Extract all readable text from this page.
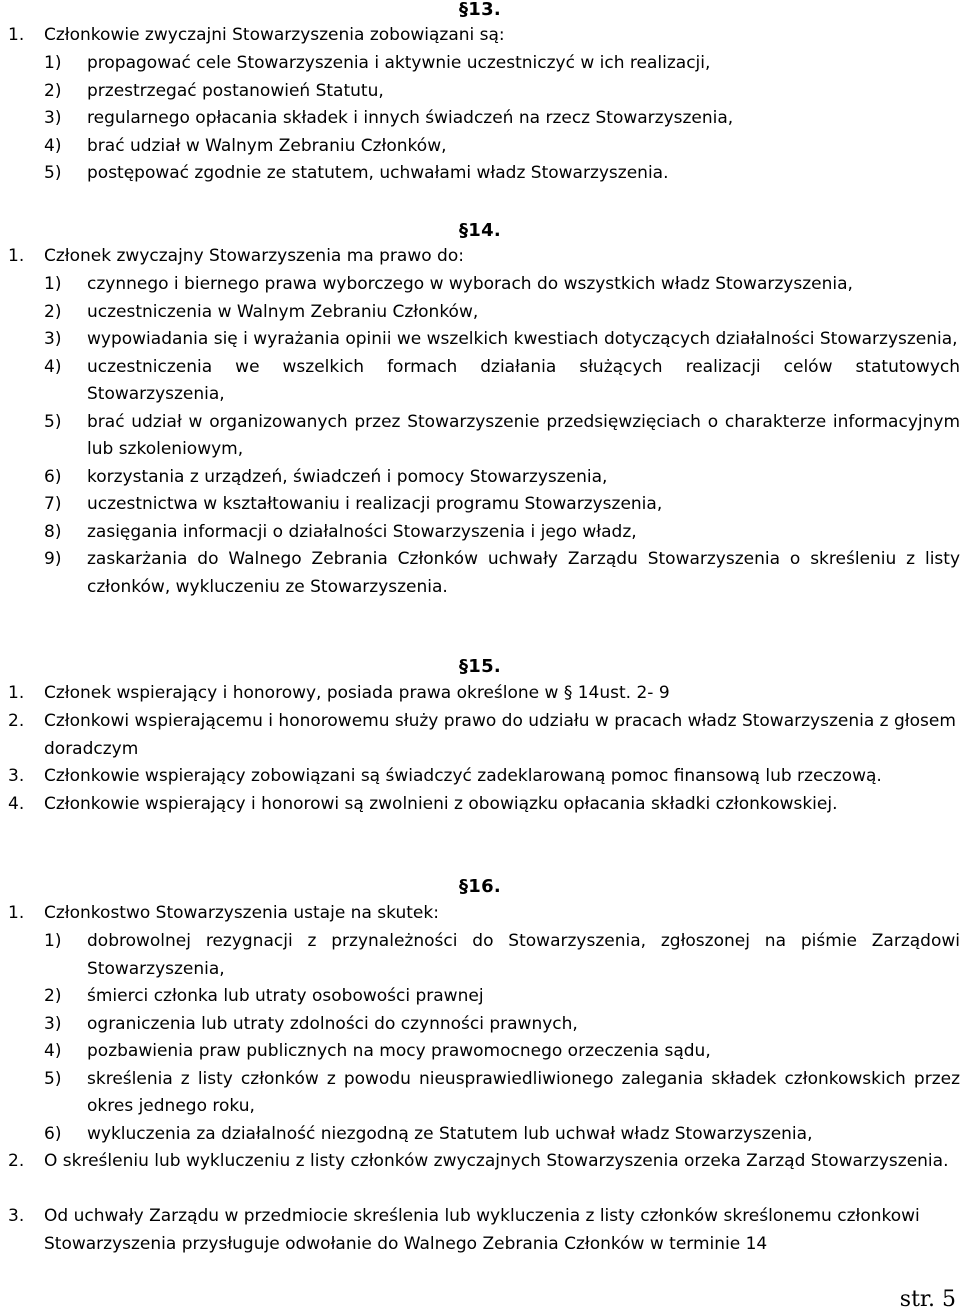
§13.
1.	Członkowie zwyczajni Stowarzyszenia zobowiązani są:
1)	propagować cele Stowarzyszenia i aktywnie uczestniczyć w ich realizacji,
2)	przestrzegać postanowień Statutu,
3)	regularnego opłacania składek i innych świadczeń na rzecz Stowarzyszenia,
4)	brać udział w Walnym Zebraniu Członków,
5)	postępować zgodnie ze statutem, uchwałami władz Stowarzyszenia.
§14.
1.	Członek zwyczajny Stowarzyszenia ma prawo do:
1)	czynnego i biernego prawa wyborczego w wyborach do wszystkich władz Stowarzyszenia,
2)	uczestniczenia w Walnym Zebraniu Członków,
3)	wypowiadania się i wyrażania opinii we wszelkich kwestiach dotyczących działalności Stowarzyszenia,
4)	uczestniczenia we wszelkich formach działania służących realizacji celów statutowych Stowarzyszenia,
5)	brać udział w organizowanych przez Stowarzyszenie przedsięwzięciach o charakterze informacyjnym lub szkoleniowym,
6)	korzystania z urządzeń, świadczeń i pomocy Stowarzyszenia,
7)	uczestnictwa w kształtowaniu i realizacji programu Stowarzyszenia,
8)	zasięgania informacji o działalności Stowarzyszenia i jego władz,
9)	zaskarżania do Walnego Zebrania Członków uchwały Zarządu Stowarzyszenia o skreśleniu z listy członków, wykluczeniu ze Stowarzyszenia.
§15.
1.	Członek wspierający i honorowy, posiada prawa określone w § 14ust. 2- 9
2.	Członkowi wspierającemu i honorowemu służy prawo do udziału w pracach władz Stowarzyszenia z głosem doradczym
3.	Członkowie wspierający zobowiązani są świadczyć zadeklarowaną pomoc finansową lub rzeczową.
4.	Członkowie wspierający i honorowi są zwolnieni z obowiązku opłacania składki członkowskiej.
§16.
1.	Członkostwo Stowarzyszenia ustaje na skutek:
1)	dobrowolnej rezygnacji z przynależności do Stowarzyszenia, zgłoszonej na piśmie Zarządowi Stowarzyszenia,
2)	śmierci członka lub utraty osobowości prawnej
3)	ograniczenia lub utraty zdolności do czynności prawnych,
4)	pozbawienia praw publicznych na mocy prawomocnego orzeczenia sądu,
5)	skreślenia z listy członków z powodu nieusprawiedliwionego zalegania składek członkowskich przez okres jednego roku,
6)	wykluczenia za działalność niezgodną ze Statutem lub uchwał władz Stowarzyszenia,
2.	O skreśleniu lub wykluczeniu z listy członków zwyczajnych Stowarzyszenia orzeka Zarząd Stowarzyszenia.
3.	Od uchwały Zarządu w przedmiocie skreślenia lub wykluczenia z listy członków skreślonemu członkowi Stowarzyszenia przysługuje odwołanie do Walnego Zebrania Członków w terminie 14
str. 5
